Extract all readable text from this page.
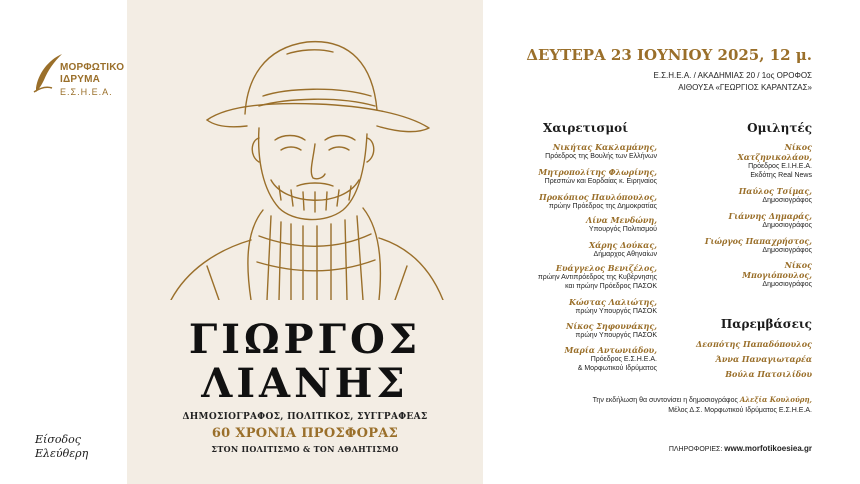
ΜΟΡΦΩΤΙΚΟ
ΙΔΡΥΜΑ
Ε.Σ.Η.Ε.Α.
Είσοδος
Ελεύθερη
ΓΙΩΡΓΟΣ
ΛΙΑΝΗΣ
ΔΗΜΟΣΙΟΓΡΑΦΟΣ, ΠΟΛΙΤΙΚΟΣ, ΣΥΓΓΡΑΦΕΑΣ
60 ΧΡΟΝΙΑ ΠΡΟΣΦΟΡΑΣ
ΣΤΟΝ ΠΟΛΙΤΙΣΜΟ & ΤΟΝ ΑΘΛΗΤΙΣΜΟ
ΔΕΥΤΕΡΑ 23 ΙΟΥΝΙΟΥ 2025, 12 μ.
Ε.Σ.Η.Ε.Α. / ΑΚΑΔΗΜΙΑΣ 20 / 1ος ΟΡΟΦΟΣ
ΑΙΘΟΥΣΑ «ΓΕΩΡΓΙΟΣ ΚΑΡΑΝΤΖΑΣ»
Χαιρετισμοί
Νικήτας Κακλαμάνης,
Πρόεδρος της Βουλής των Ελλήνων
Μητροπολίτης Φλωρίνης,
Πρεσπών και Εορδαίας κ. Ειρηναίος
Προκόπιος Παυλόπουλος,
πρώην Πρόεδρος της Δημοκρατίας
Λίνα Μενδώνη,
Υπουργός Πολιτισμού
Χάρης Δούκας,
Δήμαρχος Αθηναίων
Ευάγγελος Βενιζέλος,
πρώην Αντιπρόεδρος της Κυβέρνησης
και πρώην Πρόεδρος ΠΑΣΟΚ
Κώστας Λαλιώτης,
πρώην Υπουργός ΠΑΣΟΚ
Νίκος Σηφουνάκης,
πρώην Υπουργός ΠΑΣΟΚ
Μαρία Αντωνιάδου,
Πρόεδρος Ε.Σ.Η.Ε.Α.
& Μορφωτικού Ιδρύματος
Ομιλητές
Νίκος
Χατζηνικολάου,
Πρόεδρος Ε.Ι.Η.Ε.Α.
Εκδότης Real News
Παύλος Τσίμας,
Δημοσιογράφος
Γιάννης Δημαράς,
Δημοσιογράφος
Γιώργος Παπαχρήστος,
Δημοσιογράφος
Νίκος
Μπογιόπουλος,
Δημοσιογράφος
Παρεμβάσεις
Δεσπότης Παπαδόπουλος
Άννα Παναγιωταρέα
Βούλα Πατσιλίδου
Την εκδήλωση θα συντονίσει η δημοσιογράφος Αλεξία Κουλούρη,
Μέλος Δ.Σ. Μορφωτικού Ιδρύματος Ε.Σ.Η.Ε.Α.
ΠΛΗΡΟΦΟΡΙΕΣ: www.morfotikoesiea.gr
